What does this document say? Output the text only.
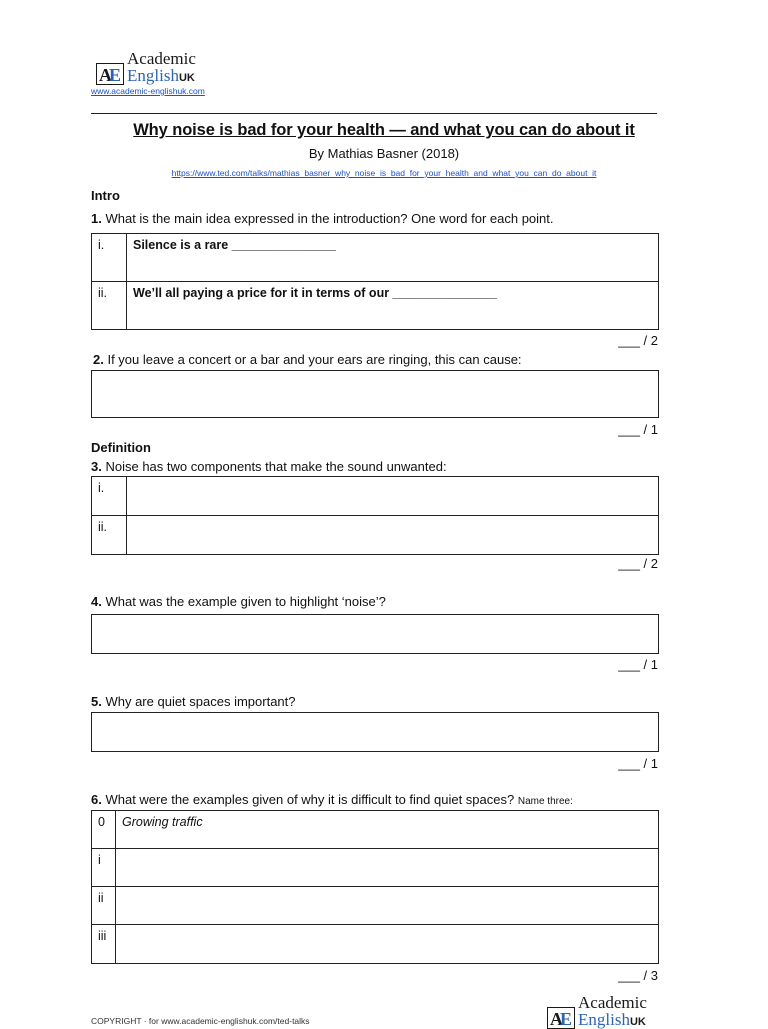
A
E
Academic
EnglishUK
www.academic-englishuk.com
Why noise is bad for your health — and what you can do about it
By Mathias Basner (2018)
https://www.ted.com/talks/mathias_basner_why_noise_is_bad_for_your_health_and_what_you_can_do_about_it
Intro
1. What is the main idea expressed in the introduction? One word for each point.
i.	Silence is a rare _______________
ii.	We’ll all paying a price for it in terms of our _______________
___ / 2
2. If you leave a concert or a bar and your ears are ringing, this can cause:
___ / 1
Definition
3. Noise has two components that make the sound unwanted:
i.	
ii.	
___ / 2
4. What was the example given to highlight ‘noise’?
___ / 1
5. Why are quiet spaces important?
___ / 1
6. What were the examples given of why it is difficult to find quiet spaces? Name three:
0	Growing traffic
i	
ii	
iii	
___ / 3
COPYRIGHT · for www.academic-englishuk.com/ted-talks	A
E
Academic
EnglishUK
